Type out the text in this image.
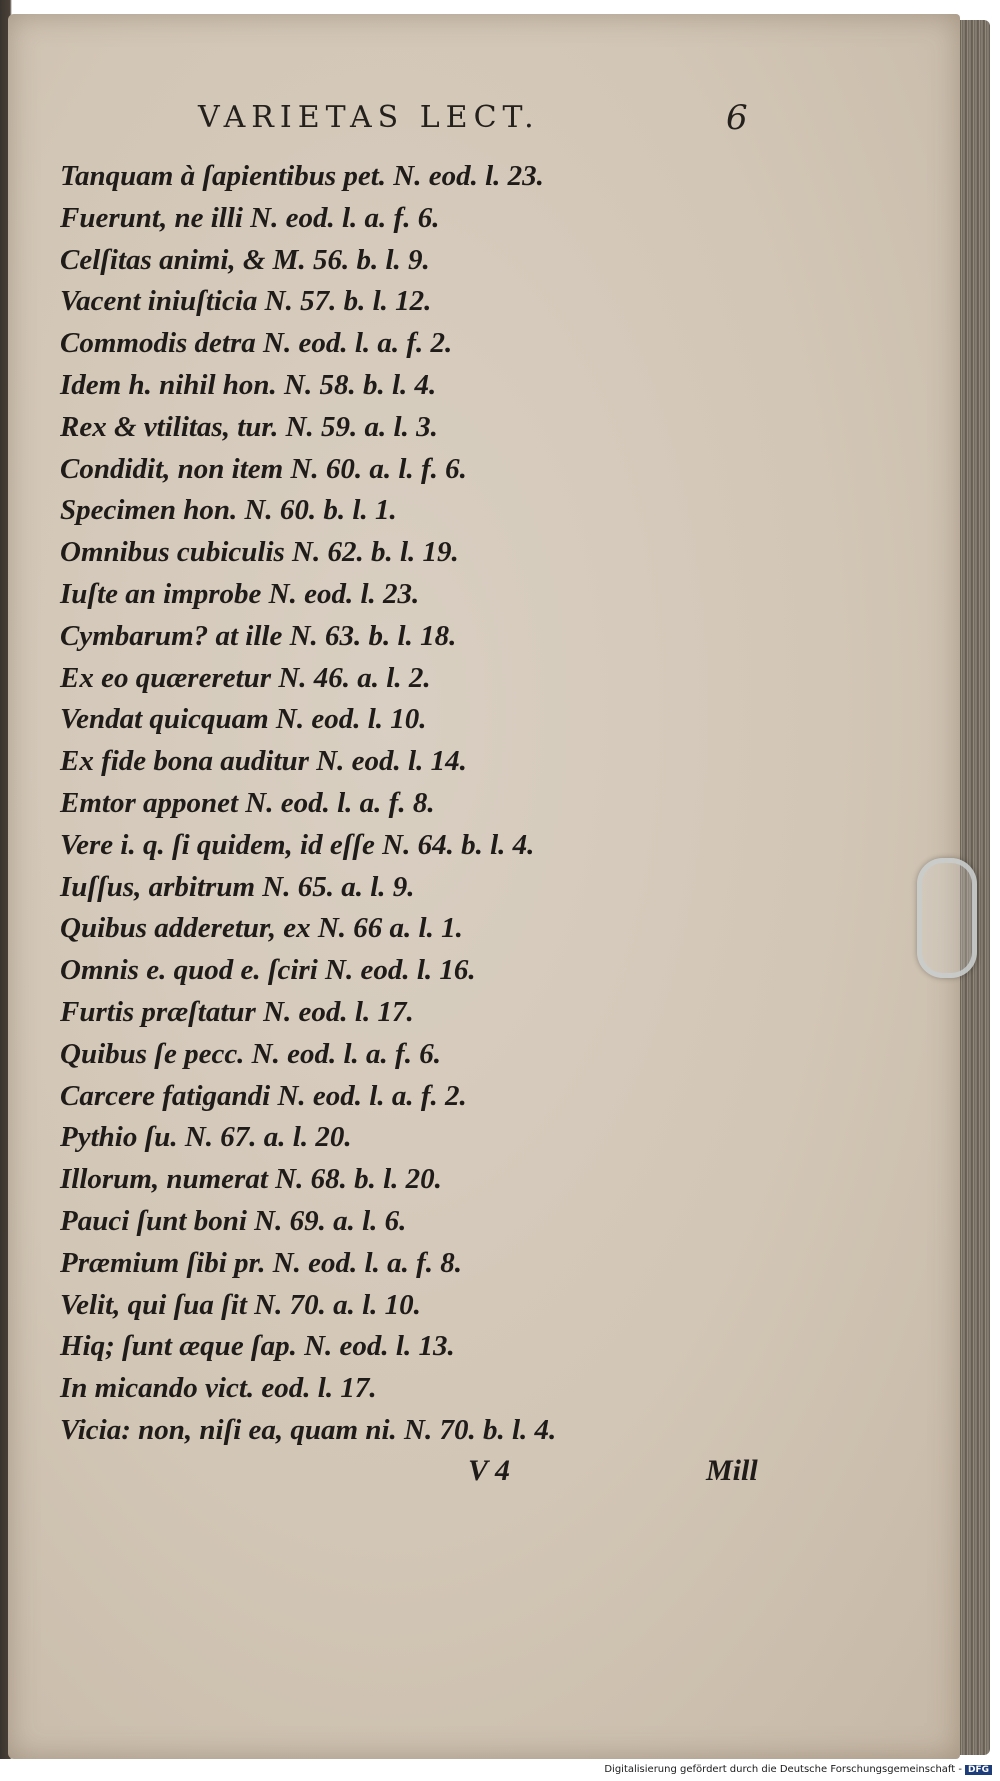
VARIETAS LECT.	6
Tanquam à ſapientibus pet. N. eod. l. 23.
Fuerunt, ne illi N. eod. l. a. f. 6.
Celſitas animi, & M. 56. b. l. 9.
Vacent iniuſticia N. 57. b. l. 12.
Commodis detra N. eod. l. a. f. 2.
Idem h. nihil hon. N. 58. b. l. 4.
Rex & vtilitas, tur. N. 59. a. l. 3.
Condidit, non item N. 60. a. l. f. 6.
Specimen hon. N. 60. b. l. 1.
Omnibus cubiculis N. 62. b. l. 19.
Iuſte an improbe N. eod. l. 23.
Cymbarum? at ille N. 63. b. l. 18.
Ex eo quæreretur N. 46. a. l. 2.
Vendat quicquam N. eod. l. 10.
Ex fide bona auditur N. eod. l. 14.
Emtor apponet N. eod. l. a. f. 8.
Vere i. q. ſi quidem, id eſſe N. 64. b. l. 4.
Iuſſus, arbitrum N. 65. a. l. 9.
Quibus adderetur, ex N. 66 a. l. 1.
Omnis e. quod e. ſciri N. eod. l. 16.
Furtis præſtatur N. eod. l. 17.
Quibus ſe pecc. N. eod. l. a. f. 6.
Carcere fatigandi N. eod. l. a. f. 2.
Pythio ſu. N. 67. a. l. 20.
Illorum, numerat N. 68. b. l. 20.
Pauci ſunt boni N. 69. a. l. 6.
Præmium ſibi pr. N. eod. l. a. f. 8.
Velit, qui ſua ſit N. 70. a. l. 10.
Hiq; ſunt æque ſap. N. eod. l. 13.
In micando vict. eod. l. 17.
Vicia: non, niſi ea, quam ni. N. 70. b. l. 4.
V 4	Mill
Digitalisierung gefördert durch die Deutsche Forschungsgemeinschaft - DFG
